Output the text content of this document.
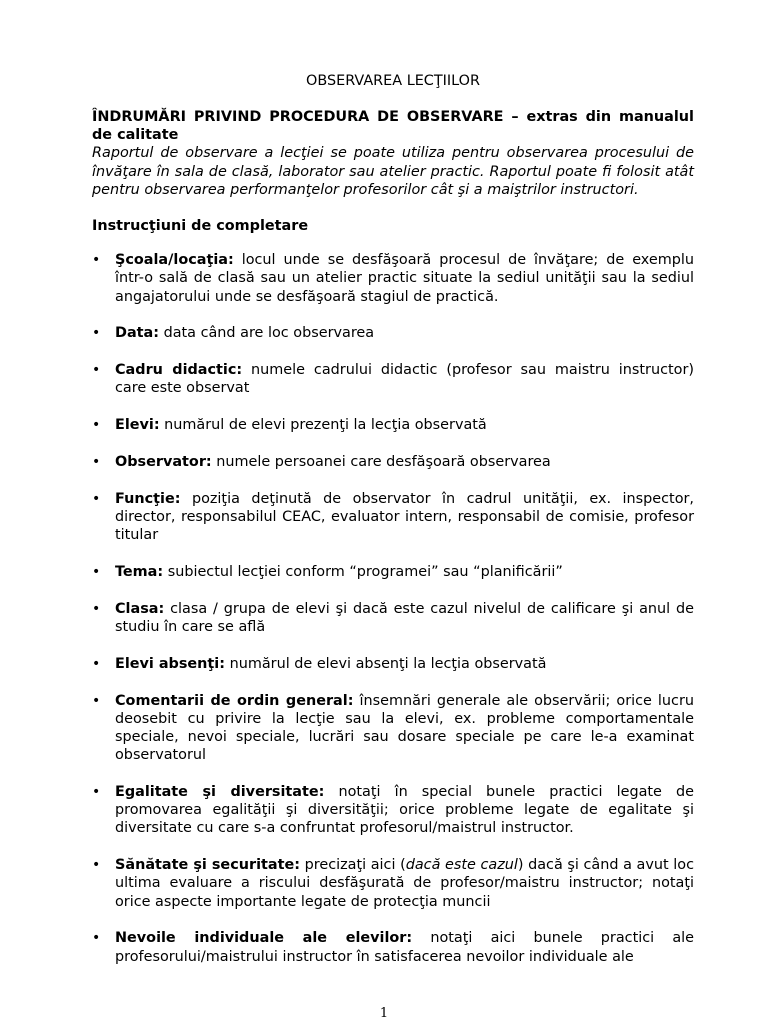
OBSERVAREA LECŢIILOR

ÎNDRUMĂRI PRIVIND PROCEDURA DE OBSERVARE – extras din manualul de calitate

Raportul de observare a lecţiei se poate utiliza pentru observarea procesului de învăţare în sala de clasă, laborator sau atelier practic. Raportul poate fi folosit atât pentru observarea performanţelor profesorilor cât şi a maiştrilor instructori.

Instrucţiuni de completare

• Şcoala/locaţia: locul unde se desfăşoară procesul de învăţare; de exemplu într-o sală de clasă sau un atelier practic situate la sediul unităţii sau la sediul angajatorului unde se desfăşoară stagiul de practică.
• Data: data când are loc observarea
• Cadru didactic: numele cadrului didactic (profesor sau maistru instructor) care este observat
• Elevi: numărul de elevi prezenţi la lecţia observată
• Observator: numele persoanei care desfăşoară observarea
• Funcţie: poziţia deţinută de observator în cadrul unităţii, ex. inspector, director, responsabilul CEAC, evaluator intern, responsabil de comisie, profesor titular
• Tema: subiectul lecţiei conform “programei” sau “planificării”
• Clasa: clasa / grupa de elevi şi dacă este cazul nivelul de calificare şi anul de studiu în care se află
• Elevi absenţi: numărul de elevi absenţi la lecţia observată
• Comentarii de ordin general: însemnări generale ale observării; orice lucru deosebit cu privire la lecţie sau la elevi, ex. probleme comportamentale speciale, nevoi speciale, lucrări sau dosare speciale pe care le-a examinat observatorul
• Egalitate şi diversitate: notaţi în special bunele practici legate de promovarea egalităţii şi diversităţii; orice probleme legate de egalitate şi diversitate cu care s-a confruntat profesorul/maistrul instructor.
• Sănătate şi securitate: precizaţi aici (dacă este cazul) dacă şi când a avut loc ultima evaluare a riscului desfăşurată de profesor/maistru instructor; notaţi orice aspecte importante legate de protecţia muncii
• Nevoile individuale ale elevilor: notaţi aici bunele practici ale profesorului/maistrului instructor în satisfacerea nevoilor individuale ale
1
